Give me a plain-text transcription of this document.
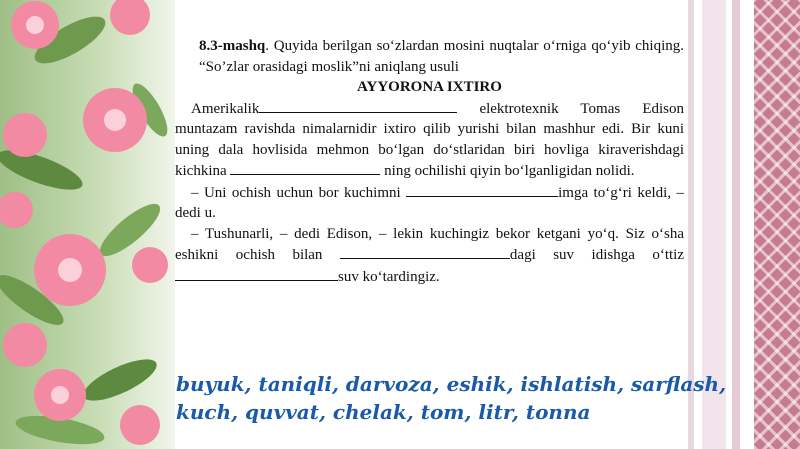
8.3-mashq. Quyida berilgan so‘zlardan mosini nuqtalar o‘rniga qo‘yib chiqing. “So’zlar orasidagi moslik”ni aniqlang usuli

AYYORONA IXTIRO

Amerikalik	elektrotexnik Tomas Edison muntazam ravishda nimalarnidir ixtiro qilib yurishi bilan mashhur edi. Bir kuni uning dala hovlisida mehmon bo‘lgan do‘stlaridan biri hovliga kiraverishdagi kichkina	ning ochilishi qiyin bo‘lganligidan nolidi.

– Uni ochish uchun bor kuchimni	imga to‘g‘ri keldi, – dedi u.

– Tushunarli, – dedi Edison, – lekin kuchingiz bekor ketgani yo‘q. Siz o‘sha eshikni ochish bilan	dagi suv idishga o‘ttiz suv ko‘tardingiz.

buyuk, taniqli, darvoza, eshik, ishlatish, sarflash,
kuch, quvvat, chelak, tom, litr, tonna
